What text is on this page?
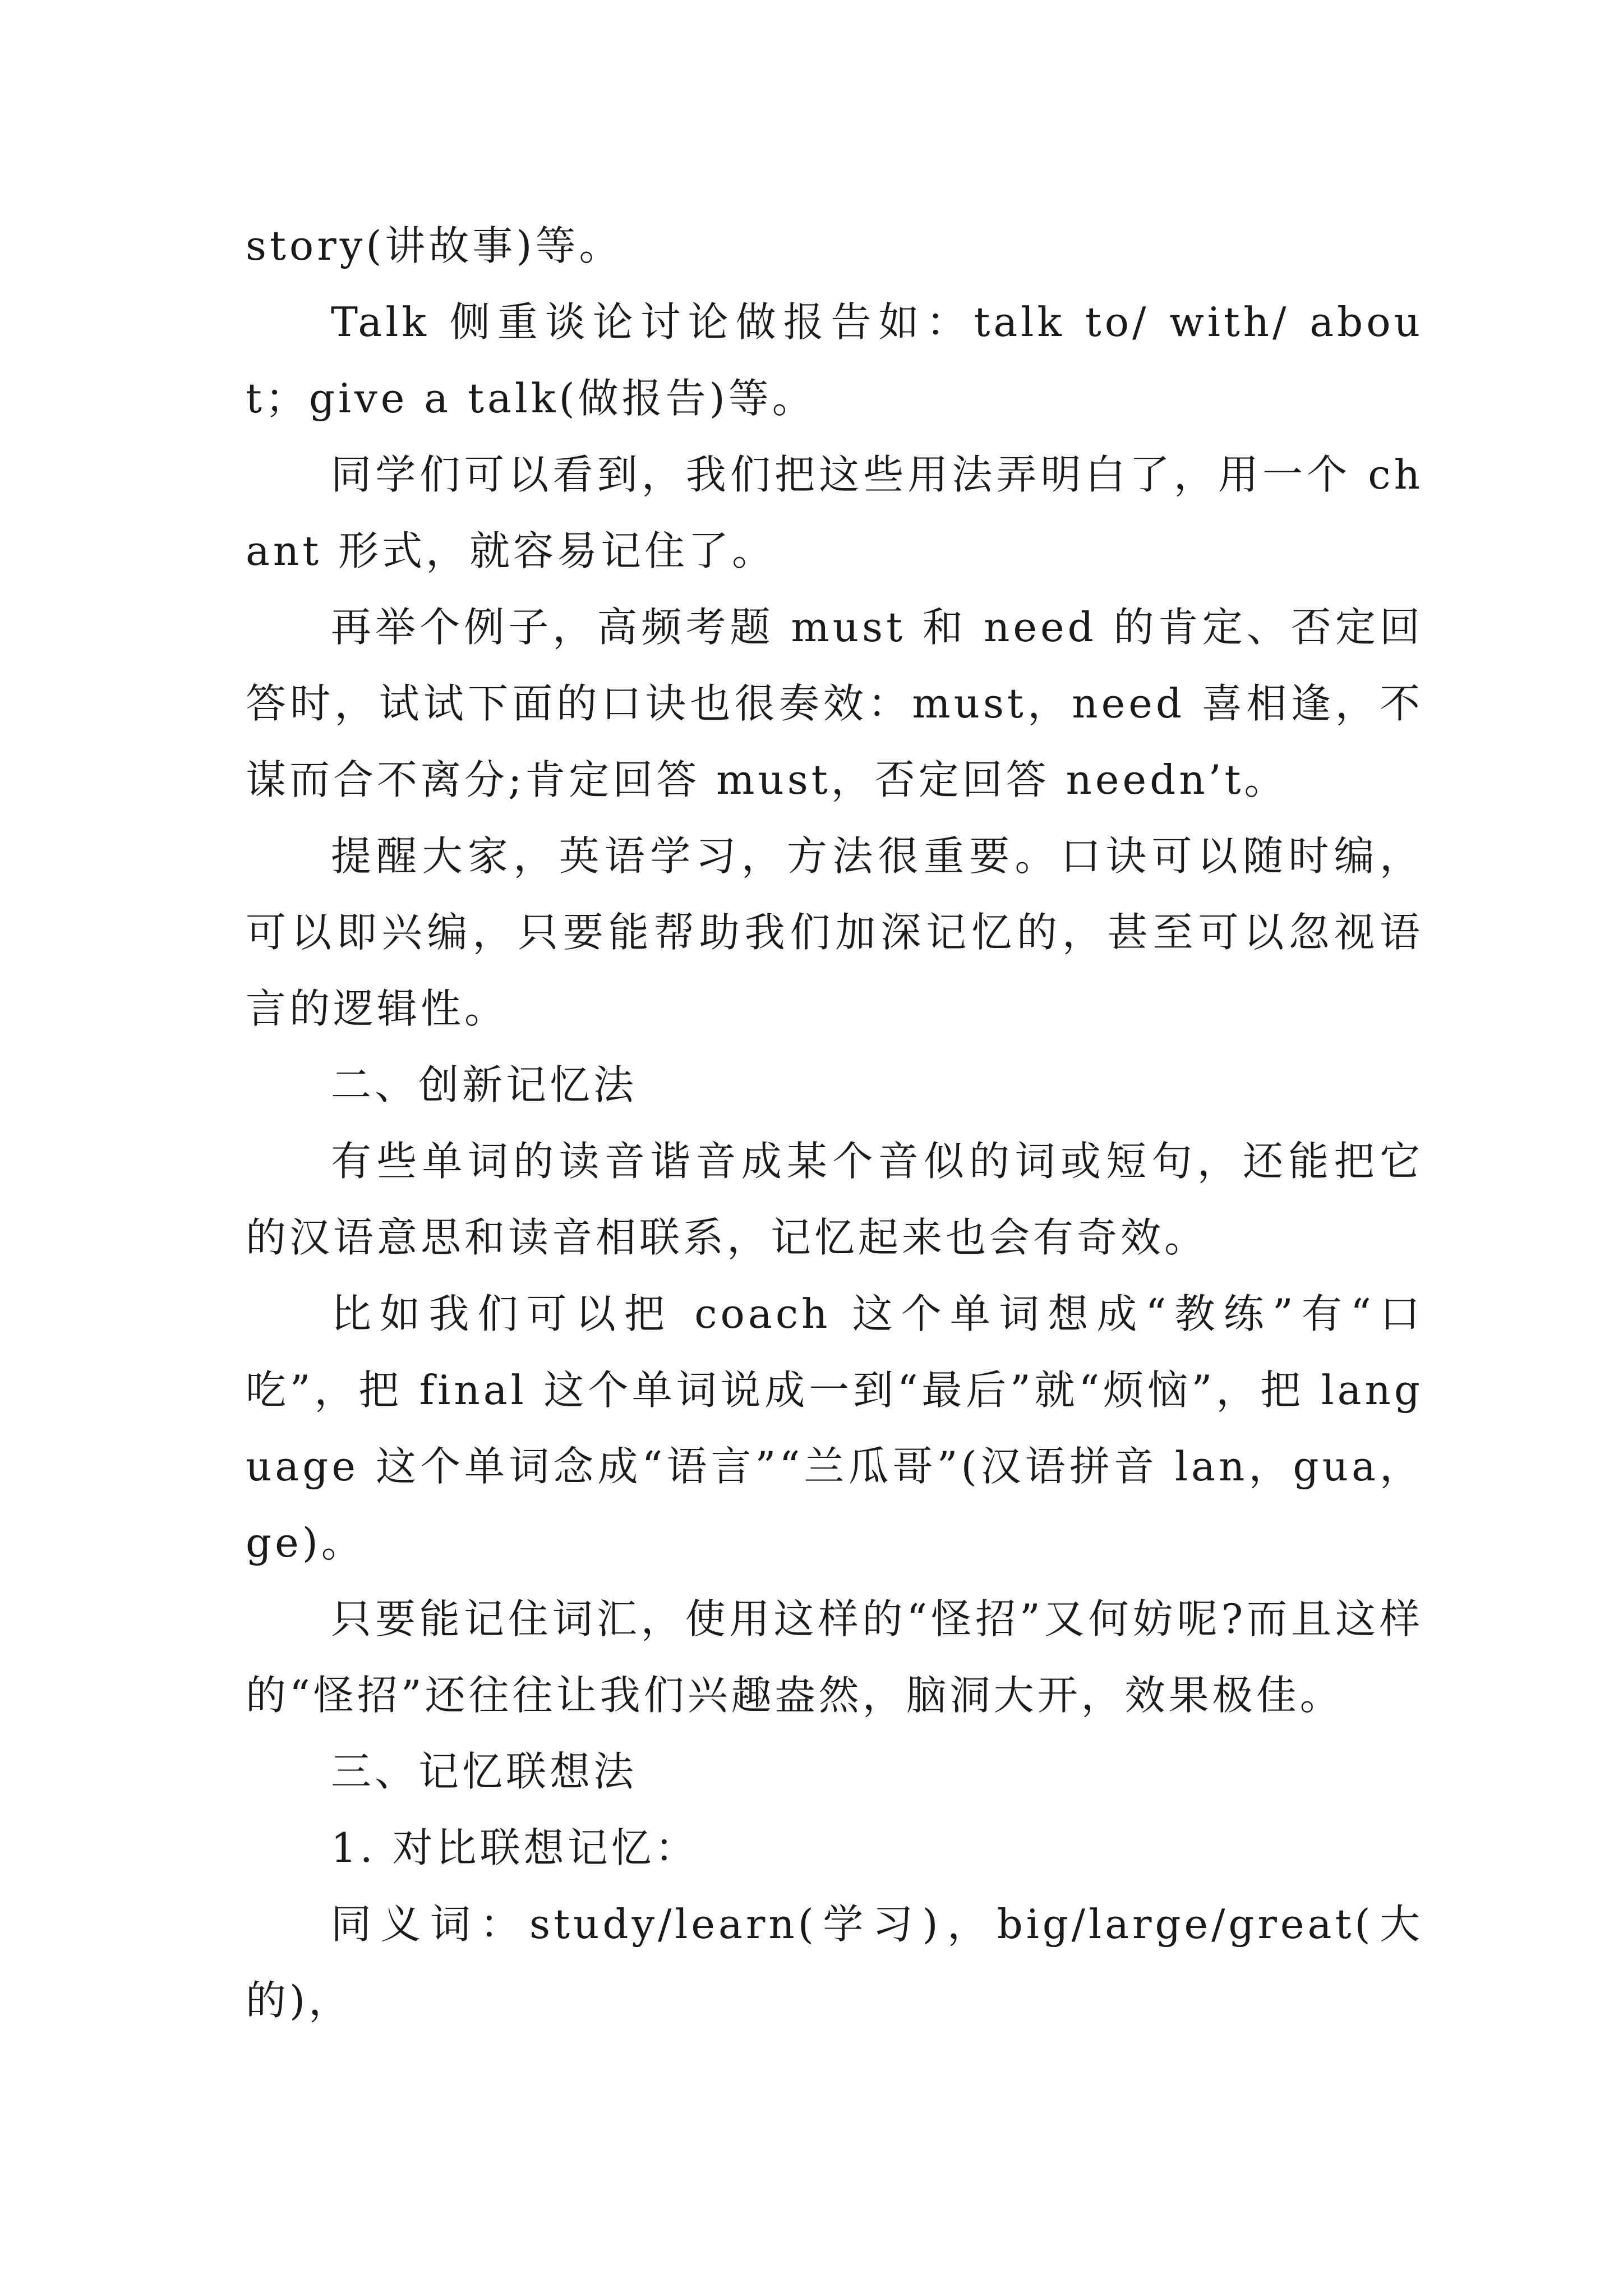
story(讲故事)等。

Talk 侧重谈论讨论做报告如：talk to/ with/ about；give a talk(做报告)等。

同学们可以看到，我们把这些用法弄明白了，用一个 chant 形式，就容易记住了。

再举个例子，高频考题 must 和 need 的肯定、否定回答时，试试下面的口诀也很奏效：must，need 喜相逢，不谋而合不离分;肯定回答 must，否定回答 needn’t。

提醒大家，英语学习，方法很重要。口诀可以随时编，可以即兴编，只要能帮助我们加深记忆的，甚至可以忽视语言的逻辑性。

二、创新记忆法

有些单词的读音谐音成某个音似的词或短句，还能把它的汉语意思和读音相联系，记忆起来也会有奇效。

比如我们可以把 coach 这个单词想成“教练”有“口吃”，把 final 这个单词说成一到“最后”就“烦恼”，把 language 这个单词念成“语言”“兰瓜哥”(汉语拼音 lan，gua，ge)。

只要能记住词汇，使用这样的“怪招”又何妨呢?而且这样的“怪招”还往往让我们兴趣盎然，脑洞大开，效果极佳。

三、记忆联想法

1. 对比联想记忆：

同义词：study/learn(学习)，big/large/great(大的)，
